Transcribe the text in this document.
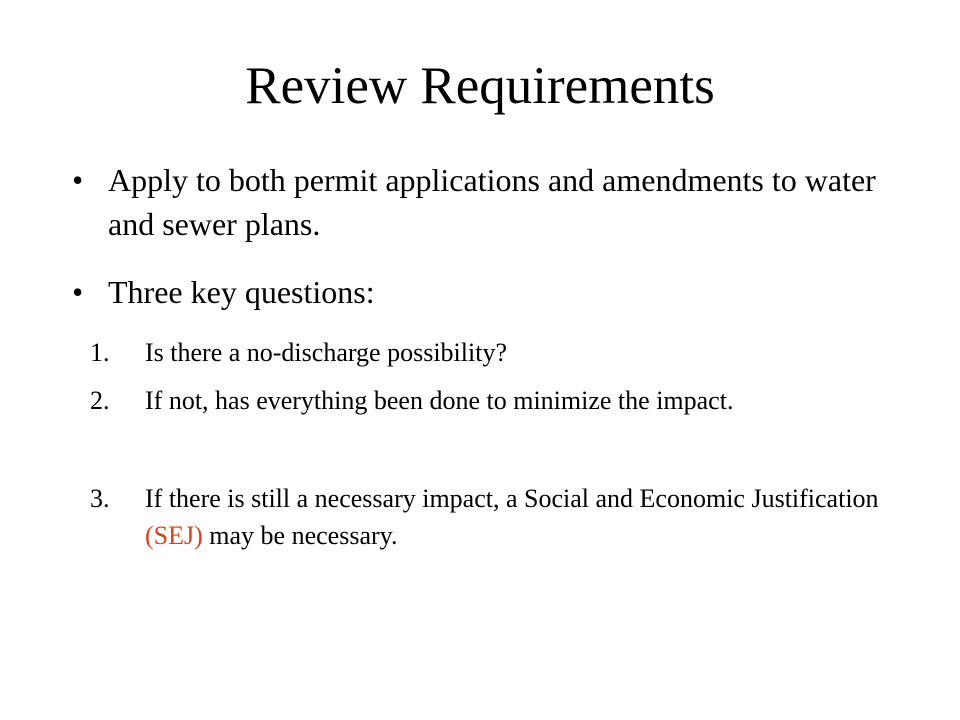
Review Requirements
• Apply to both permit applications and amendments to water and sewer plans.
• Three key questions:
1. Is there a no-discharge possibility?
2. If not, has everything been done to minimize the impact.
3. If there is still a necessary impact, a Social and Economic Justification (SEJ) may be necessary.
